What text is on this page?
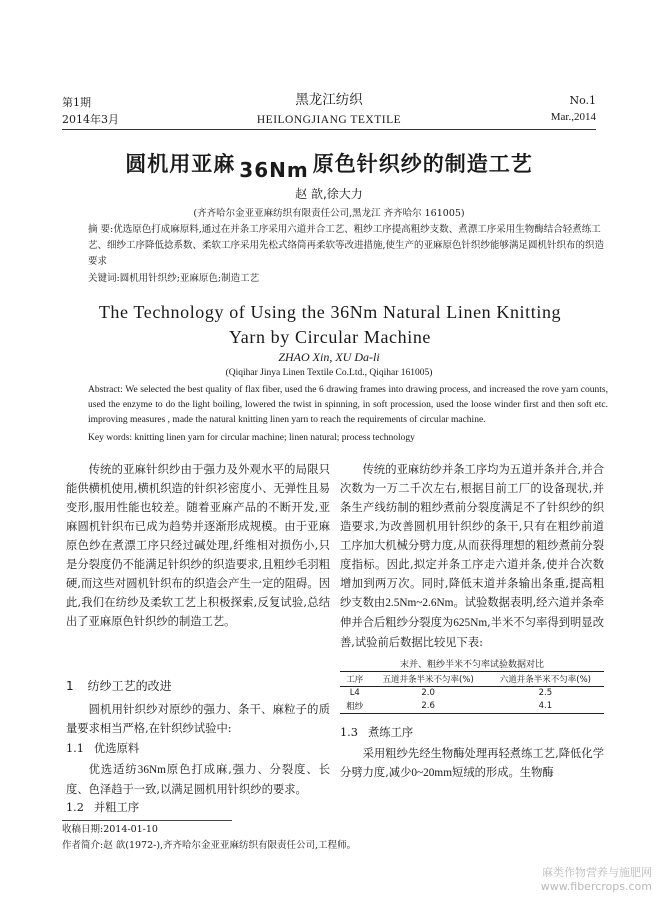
第1期
2014年3月
黑龙江纺织
HEILONGJIANG TEXTILE
No.1
Mar.,2014
圆机用亚麻 36Nm 原色针织纱的制造工艺
赵 歆,徐大力
(齐齐哈尔金亚亚麻纺织有限责任公司,黑龙江 齐齐哈尔 161005)
摘 要:优选原色打成麻原料,通过在并条工序采用六道并合工艺、粗纱工序提高粗纱支数、煮漂工序采用生物酶结合轻煮练工艺、细纱工序降低捻系数、柔软工序采用先松式络筒再柔软等改进措施,使生产的亚麻原色针织纱能够满足圆机针织布的织造要求
关键词:圆机用针织纱;亚麻原色;制造工艺
The Technology of Using the 36Nm Natural Linen Knitting Yarn by Circular Machine
ZHAO Xin, XU Da-li
(Qiqihar Jinya Linen Textile Co.Ltd., Qiqihar 161005)
Abstract: We selected the best quality of flax fiber, used the 6 drawing frames into drawing process, and increased the rove yarn counts, used the enzyme to do the light boiling, lowered the twist in spinning, in soft procession, used the loose winder first and then soft etc. improving measures , made the natural knitting linen yarn to reach the requirements of circular machine.
Key words: knitting linen yarn for circular machine; linen natural; process technology
传统的亚麻针织纱由于强力及外观水平的局限只能供横机使用,横机织造的针织衫密度小、无弹性且易变形,服用性能也较差。随着亚麻产品的不断开发,亚麻圆机针织布已成为趋势并逐渐形成规模。由于亚麻原色纱在煮漂工序只经过碱处理,纤维相对损伤小,只是分裂度仍不能满足针织纱的织造要求,且粗纱毛羽粗硬,而这些对圆机针织布的织造会产生一定的阻碍。因此,我们在纺纱及柔软工艺上积极探索,反复试验,总结出了亚麻原色针织纱的制造工艺。
1 纺纱工艺的改进
圆机用针织纱对原纱的强力、条干、麻粒子的质量要求相当严格,在针织纱试验中:
1.1 优选原料
优选适纺36Nm原色打成麻,强力、分裂度、长度、色泽趋于一致,以满足圆机用针织纱的要求。
1.2 并粗工序
传统的亚麻纺纱并条工序均为五道并条并合,并合次数为一万二千次左右,根据目前工厂的设备现状,并条生产线纺制的粗纱煮前分裂度满足不了针织纱的织造要求,为改善圆机用针织纱的条干,只有在粗纱前道工序加大机械分劈力度,从而获得理想的粗纱煮前分裂度指标。因此,拟定并条工序走六道并条,使并合次数增加到两万次。同时,降低末道并条输出条重,提高粗纱支数由2.5Nm~2.6Nm。试验数据表明,经六道并条牵伸并合后粗纱分裂度为625Nm,半米不匀率得到明显改善,试验前后数据比较见下表:
末并、粗纱半米不匀率试验数据对比
工序	五道并条半米不匀率(%)	六道并条半米不匀率(%)
L4	2.0	2.5
粗纱	2.6	4.1
1.3 煮练工序
采用粗纱先经生物酶处理再轻煮练工艺,降低化学分劈力度,减少0~20mm短绒的形成。生物酶
收稿日期:2014-01-10
作者简介:赵 歆(1972-),齐齐哈尔金亚亚麻纺织有限责任公司,工程师。
麻类作物营养与施肥网
www.fibercrops.com
